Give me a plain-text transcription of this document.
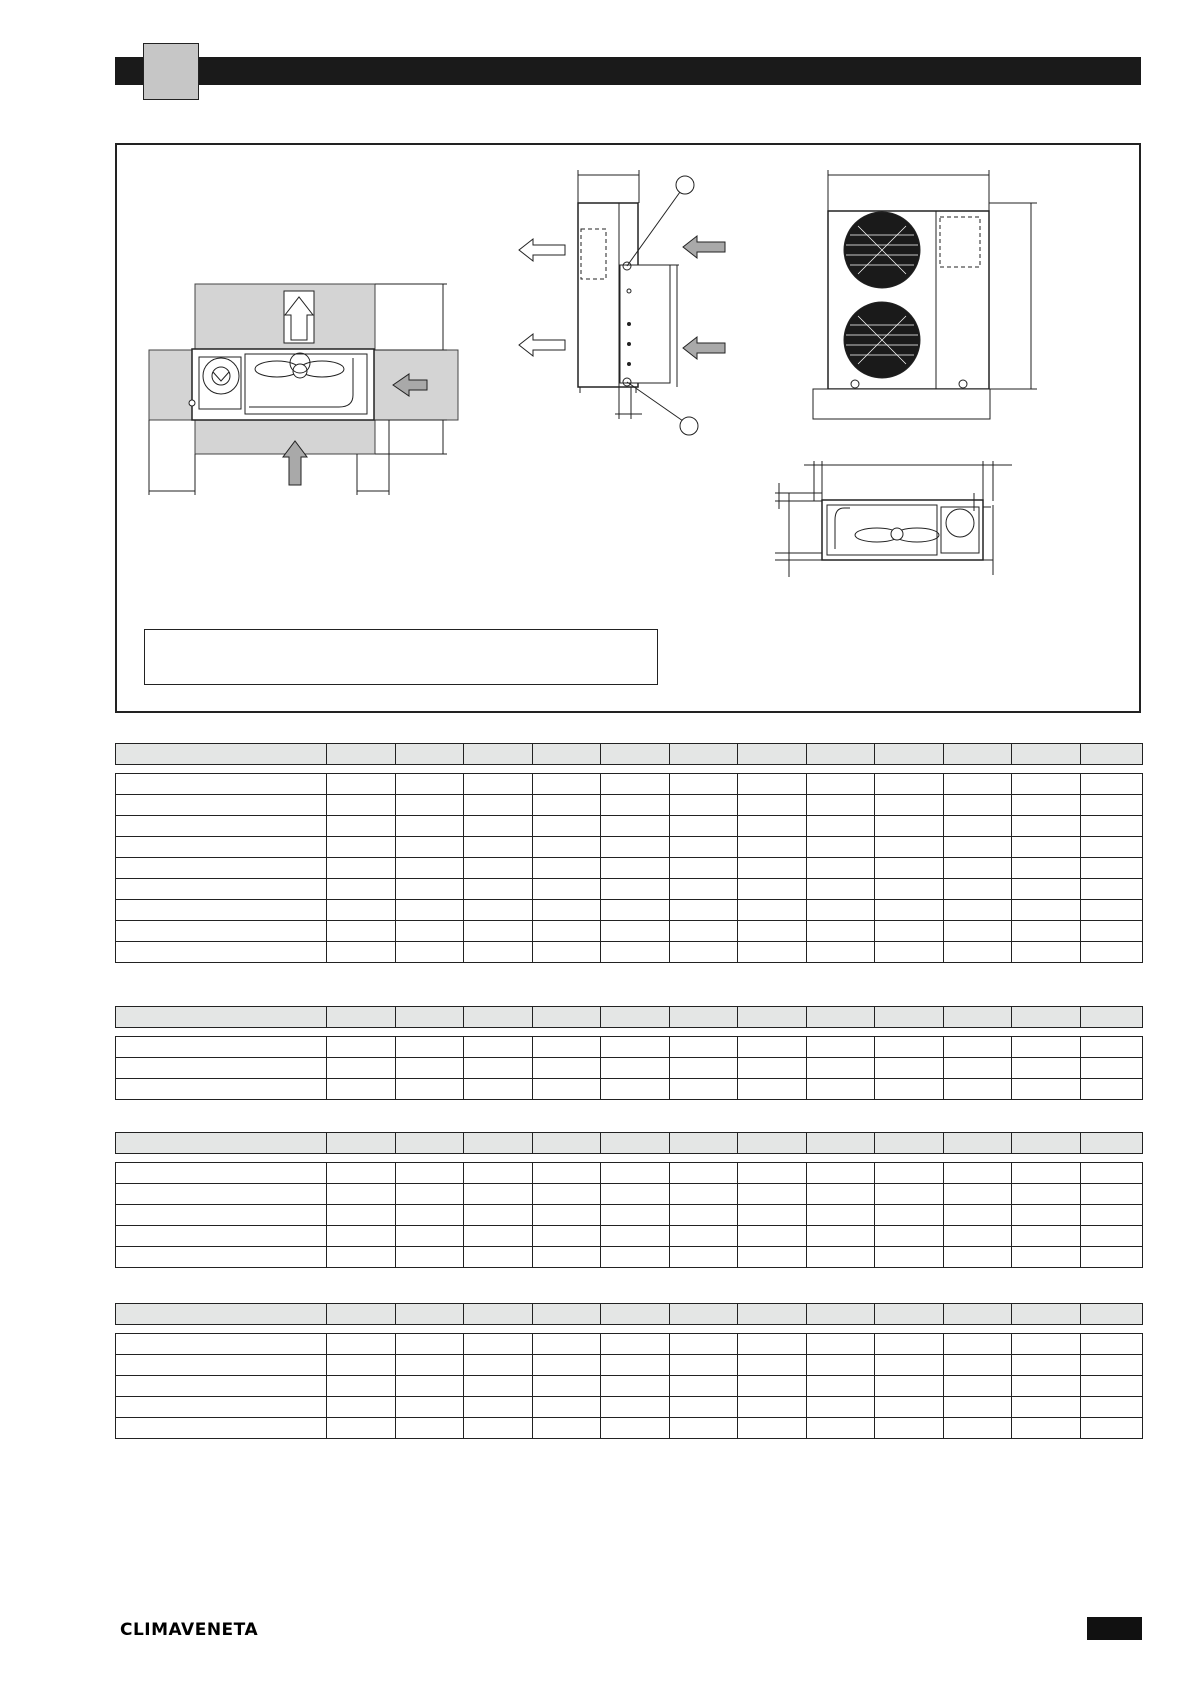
CLIMAVENETA
